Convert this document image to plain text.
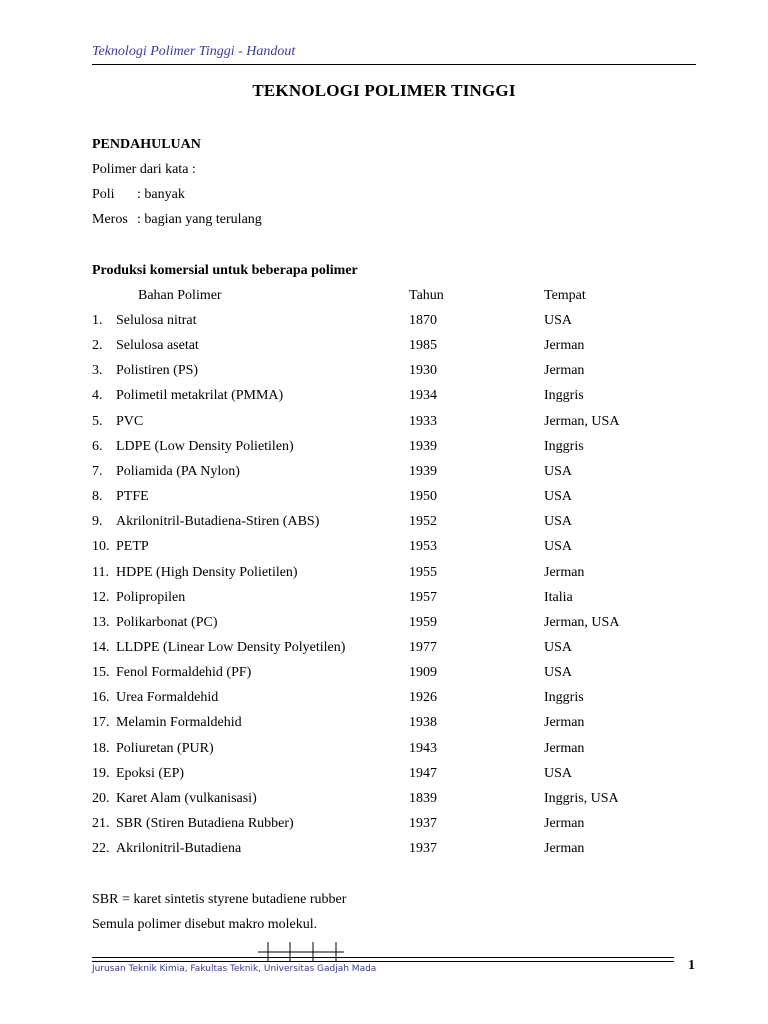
Teknologi Polimer Tinggi - Handout
TEKNOLOGI POLIMER TINGGI
PENDAHULUAN
Polimer dari kata :
Poli : banyak
Meros : bagian yang terulang
Produksi komersial untuk beberapa polimer
Bahan Polimer	Tahun	Tempat
1. Selulosa nitrat	1870	USA
2. Selulosa asetat	1985	Jerman
3. Polistiren (PS)	1930	Jerman
4. Polimetil metakrilat (PMMA)	1934	Inggris
5. PVC	1933	Jerman, USA
6. LDPE (Low Density Polietilen)	1939	Inggris
7. Poliamida (PA Nylon)	1939	USA
8. PTFE	1950	USA
9. Akrilonitril-Butadiena-Stiren (ABS)	1952	USA
10. PETP	1953	USA
11. HDPE (High Density Polietilen)	1955	Jerman
12. Polipropilen	1957	Italia
13. Polikarbonat (PC)	1959	Jerman, USA
14. LLDPE (Linear Low Density Polyetilen)	1977	USA
15. Fenol Formaldehid (PF)	1909	USA
16. Urea Formaldehid	1926	Inggris
17. Melamin Formaldehid	1938	Jerman
18. Poliuretan (PUR)	1943	Jerman
19. Epoksi (EP)	1947	USA
20. Karet Alam (vulkanisasi)	1839	Inggris, USA
21. SBR (Stiren Butadiena Rubber)	1937	Jerman
22. Akrilonitril-Butadiena	1937	Jerman
SBR = karet sintetis styrene butadiene rubber
Semula polimer disebut makro molekul.
Jurusan Teknik Kimia, Fakultas Teknik, Universitas Gadjah Mada	1
